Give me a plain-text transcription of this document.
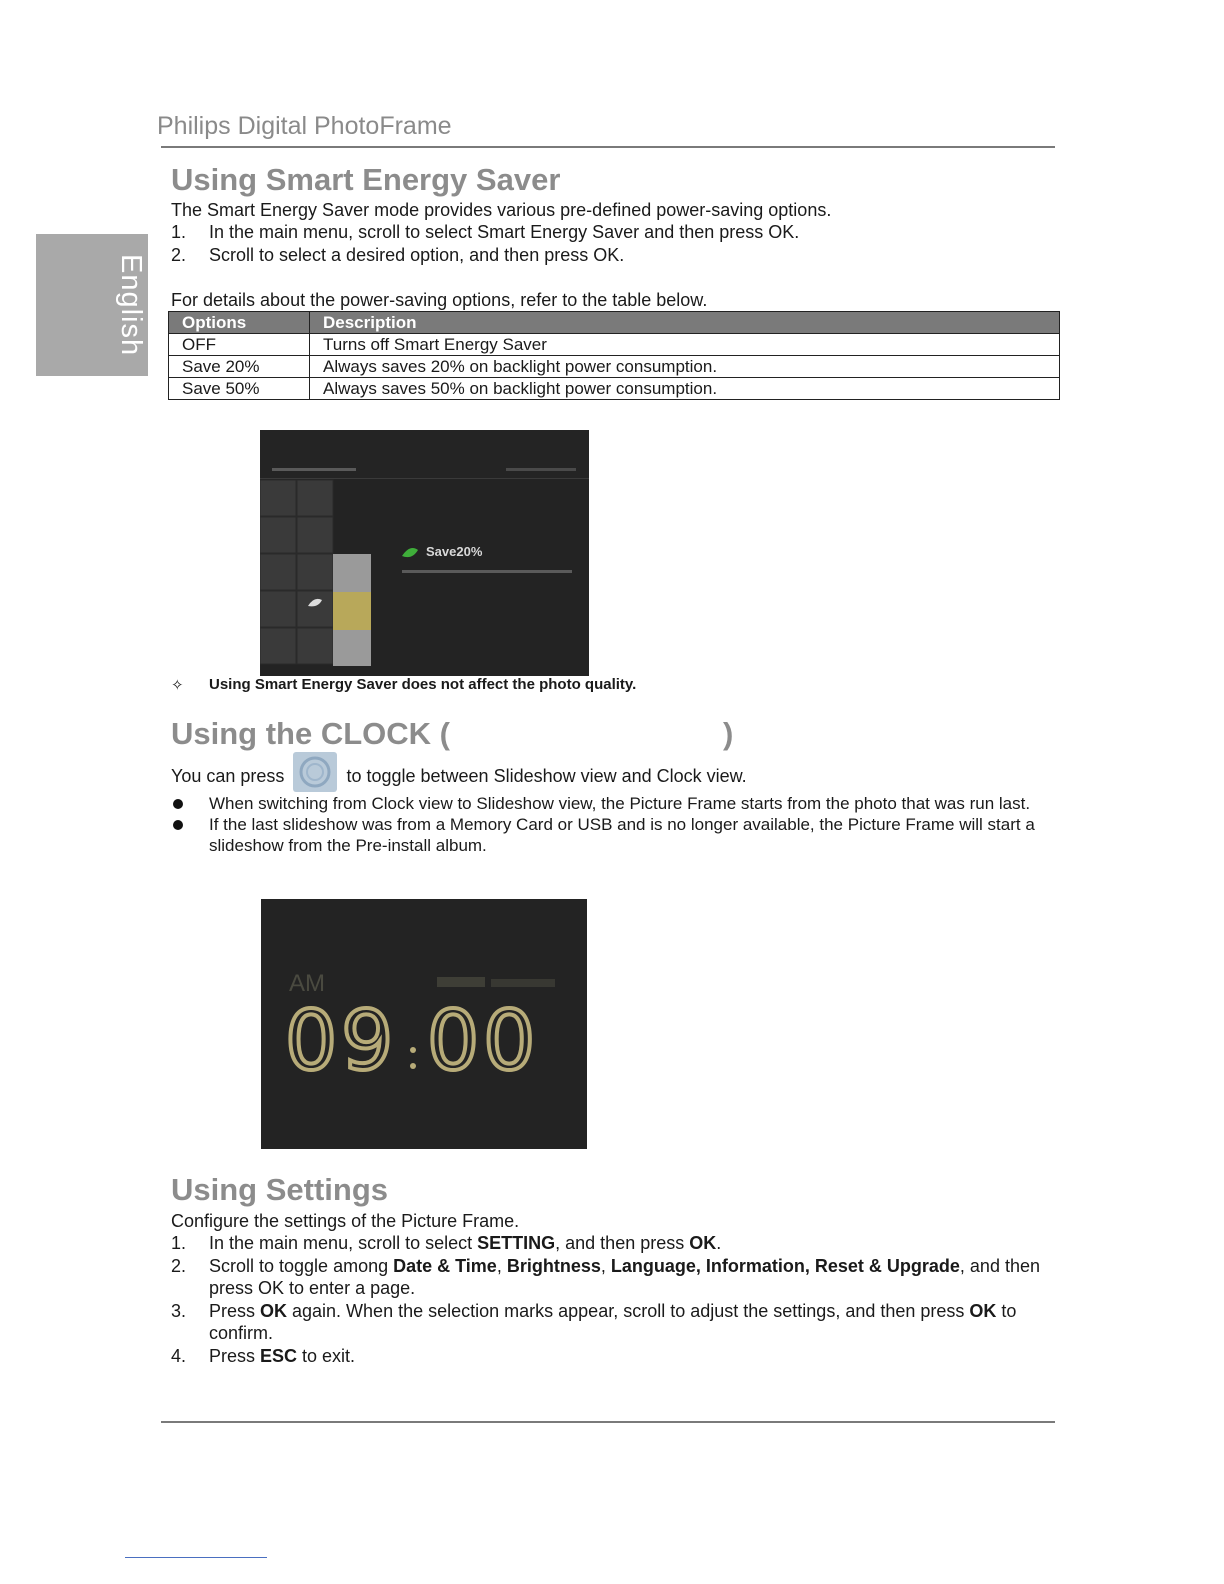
Philips Digital PhotoFrame
English
Using Smart Energy Saver
The Smart Energy Saver mode provides various pre-defined power-saving options.
1. In the main menu, scroll to select Smart Energy Saver and then press OK.
2. Scroll to select a desired option, and then press OK.
For details about the power-saving options, refer to the table below.
Options	Description
OFF	Turns off Smart Energy Saver
Save 20%	Always saves 20% on backlight power consumption.
Save 50%	Always saves 50% on backlight power consumption.
Save20%
✧ Using Smart Energy Saver does not affect the photo quality.
Using the CLOCK (	)
You can press	to toggle between Slideshow view and Clock view.
When switching from Clock view to Slideshow view, the Picture Frame starts from the photo that was run last.
If the last slideshow was from a Memory Card or USB and is no longer available, the Picture Frame will start a slideshow from the Pre-install album.
AM
09 00
Using Settings
Configure the settings of the Picture Frame.
1. In the main menu, scroll to select SETTING, and then press OK.
2. Scroll to toggle among Date & Time, Brightness, Language, Information, Reset & Upgrade, and then press OK to enter a page.
3. Press OK again. When the selection marks appear, scroll to adjust the settings, and then press OK to confirm.
4. Press ESC to exit.
